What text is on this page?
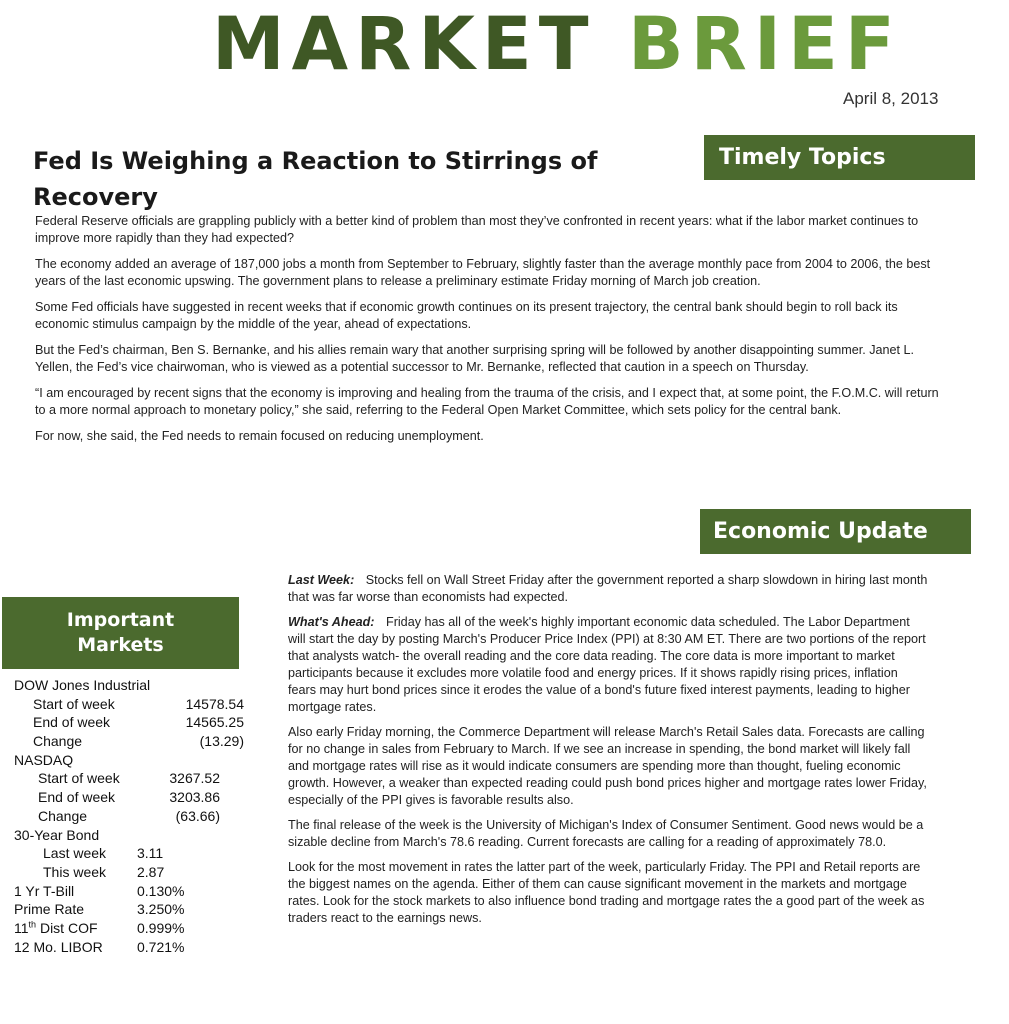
MARKET BRIEF
April 8, 2013
Timely Topics
Fed Is Weighing a Reaction to Stirrings of Recovery

Federal Reserve officials are grappling publicly with a better kind of problem than most they’ve confronted in recent years: what if the labor market continues to improve more rapidly than they had expected?

The economy added an average of 187,000 jobs a month from September to February, slightly faster than the average monthly pace from 2004 to 2006, the best years of the last economic upswing. The government plans to release a preliminary estimate Friday morning of March job creation.

Some Fed officials have suggested in recent weeks that if economic growth continues on its present trajectory, the central bank should begin to roll back its economic stimulus campaign by the middle of the year, ahead of expectations.

But the Fed’s chairman, Ben S. Bernanke, and his allies remain wary that another surprising spring will be followed by another disappointing summer. Janet L. Yellen, the Fed’s vice chairwoman, who is viewed as a potential successor to Mr. Bernanke, reflected that caution in a speech on Thursday.

“I am encouraged by recent signs that the economy is improving and healing from the trauma of the crisis, and I expect that, at some point, the F.O.M.C. will return to a more normal approach to monetary policy,” she said, referring to the Federal Open Market Committee, which sets policy for the central bank.

For now, she said, the Fed needs to remain focused on reducing unemployment.

Economic Update
Important
Markets

Last Week: Stocks fell on Wall Street Friday after the government reported a sharp slowdown in hiring last month that was far worse than economists had expected.

What's Ahead: Friday has all of the week's highly important economic data scheduled. The Labor Department will start the day by posting March's Producer Price Index (PPI) at 8:30 AM ET. There are two portions of the report that analysts watch- the overall reading and the core data reading. The core data is more important to market participants because it excludes more volatile food and energy prices. If it shows rapidly rising prices, inflation fears may hurt bond prices since it erodes the value of a bond's future fixed interest payments, leading to higher mortgage rates.

Also early Friday morning, the Commerce Department will release March's Retail Sales data. Forecasts are calling for no change in sales from February to March. If we see an increase in spending, the bond market will likely fall and mortgage rates will rise as it would indicate consumers are spending more than thought, fueling economic growth. However, a weaker than expected reading could push bond prices higher and mortgage rates lower Friday, especially of the PPI gives is favorable results also.

The final release of the week is the University of Michigan's Index of Consumer Sentiment. Good news would be a sizable decline from March's 78.6 reading. Current forecasts are calling for a reading of approximately 78.0.

Look for the most movement in rates the latter part of the week, particularly Friday. The PPI and Retail reports are the biggest names on the agenda. Either of them can cause significant movement in the markets and mortgage rates. Look for the stock markets to also influence bond trading and mortgage rates the a good part of the week as traders react to the earnings news.

DOW Jones Industrial
Start of week	14578.54
End of week	14565.25
Change	(13.29)
NASDAQ
Start of week	3267.52
End of week	3203.86
Change	(63.66)
30-Year Bond
Last week 3.11
This week 2.87
1 Yr T-Bill	0.130%
Prime Rate	3.250%
11th Dist COF	0.999%
12 Mo. LIBOR 0.721%
